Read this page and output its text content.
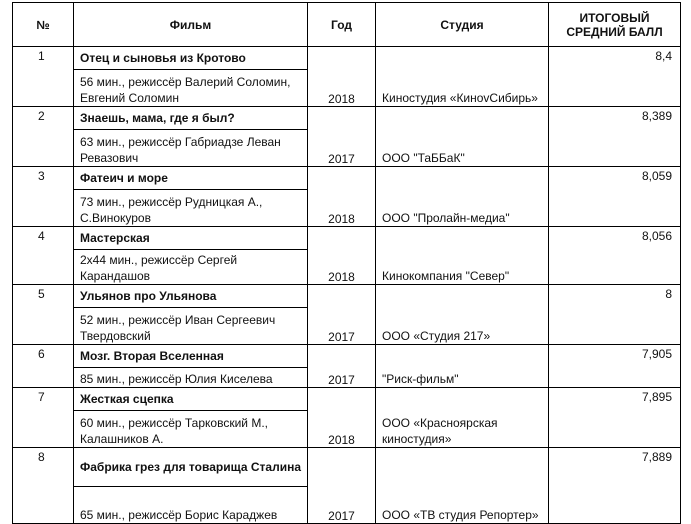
№	Фильм	Год	Студия	ИТОГОВЫЙ СРЕДНИЙ БАЛЛ
1	Отец и сыновья из Кротово	2018	Киностудия «КиноvСибирь»	8,4
	56 мин., режиссёр Валерий Соломин, Евгений Соломин			
2	Знаешь, мама, где я был?	2017	ООО "ТаББаК"	8,389
	63 мин., режиссёр Габриадзе Леван Ревазович			
3	Фатеич и море	2018	ООО "Пролайн-медиа"	8,059
	73 мин., режиссёр Рудницкая А., С.Винокуров			
4	Мастерская	2018	Кинокомпания "Север"	8,056
	2х44 мин., режиссёр Сергей Карандашов			
5	Ульянов про Ульянова	2017	ООО «Студия 217»	8
	52 мин., режиссёр Иван Сергеевич Твердовский			
6	Мозг. Вторая Вселенная	2017	"Риск-фильм"	7,905
	85 мин., режиссёр Юлия Киселева			
7	Жесткая сцепка	2018	ООО «Красноярская киностудия»	7,895
	60 мин., режиссёр Тарковский М., Калашников А.			
8	Фабрика грез для товарища Сталина	2017	ООО «ТВ студия Репортер»	7,889
	65 мин., режиссёр Борис Караджев			
